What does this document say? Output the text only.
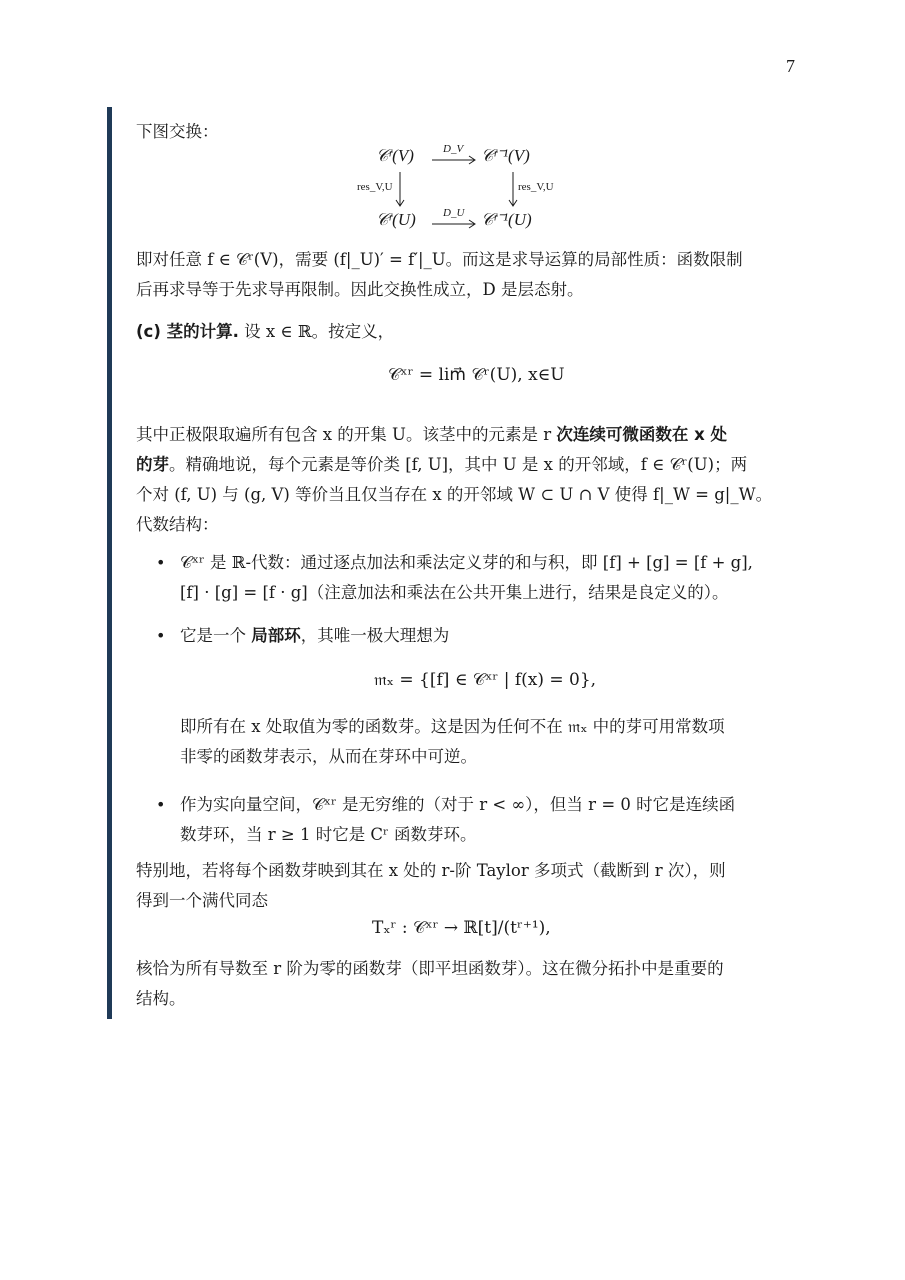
7
下图交换：
𝒞ʳ(V)	𝒞ʳ⁻¹(V)
𝒞ʳ(U)	𝒞ʳ⁻¹(U)
D_V
D_U
res_V,U	res_V,U
即对任意 f ∈ 𝒞ʳ(V)，需要 (f|_U)′ = f′|_U。而这是求导运算的局部性质：函数限制
后再求导等于先求导再限制。因此交换性成立，D 是层态射。
(c) 茎的计算. 设 x ∈ ℝ。按定义，
𝒞ˣʳ = lim⃗ 𝒞ʳ(U), x∈U
其中正极限取遍所有包含 x 的开集 U。该茎中的元素是 r 次连续可微函数在 x 处
的芽。精确地说，每个元素是等价类 [f, U]，其中 U 是 x 的开邻域，f ∈ 𝒞ʳ(U)；两
个对 (f, U) 与 (g, V) 等价当且仅当存在 x 的开邻域 W ⊂ U ∩ V 使得 f|_W = g|_W。
代数结构：
• 𝒞ˣʳ 是 ℝ-代数：通过逐点加法和乘法定义芽的和与积，即 [f] + [g] = [f + g],
[f] · [g] = [f · g]（注意加法和乘法在公共开集上进行，结果是良定义的）。
• 它是一个 局部环，其唯一极大理想为
𝔪ₓ = {[f] ∈ 𝒞ˣʳ | f(x) = 0},
即所有在 x 处取值为零的函数芽。这是因为任何不在 𝔪ₓ 中的芽可用常数项
非零的函数芽表示，从而在芽环中可逆。
• 作为实向量空间，𝒞ˣʳ 是无穷维的（对于 r < ∞），但当 r = 0 时它是连续函
数芽环，当 r ≥ 1 时它是 Cʳ 函数芽环。
特别地，若将每个函数芽映到其在 x 处的 r-阶 Taylor 多项式（截断到 r 次），则
得到一个满代同态
Tₓʳ : 𝒞ˣʳ → ℝ[t]/(tʳ⁺¹),
核恰为所有导数至 r 阶为零的函数芽（即平坦函数芽）。这在微分拓扑中是重要的
结构。
